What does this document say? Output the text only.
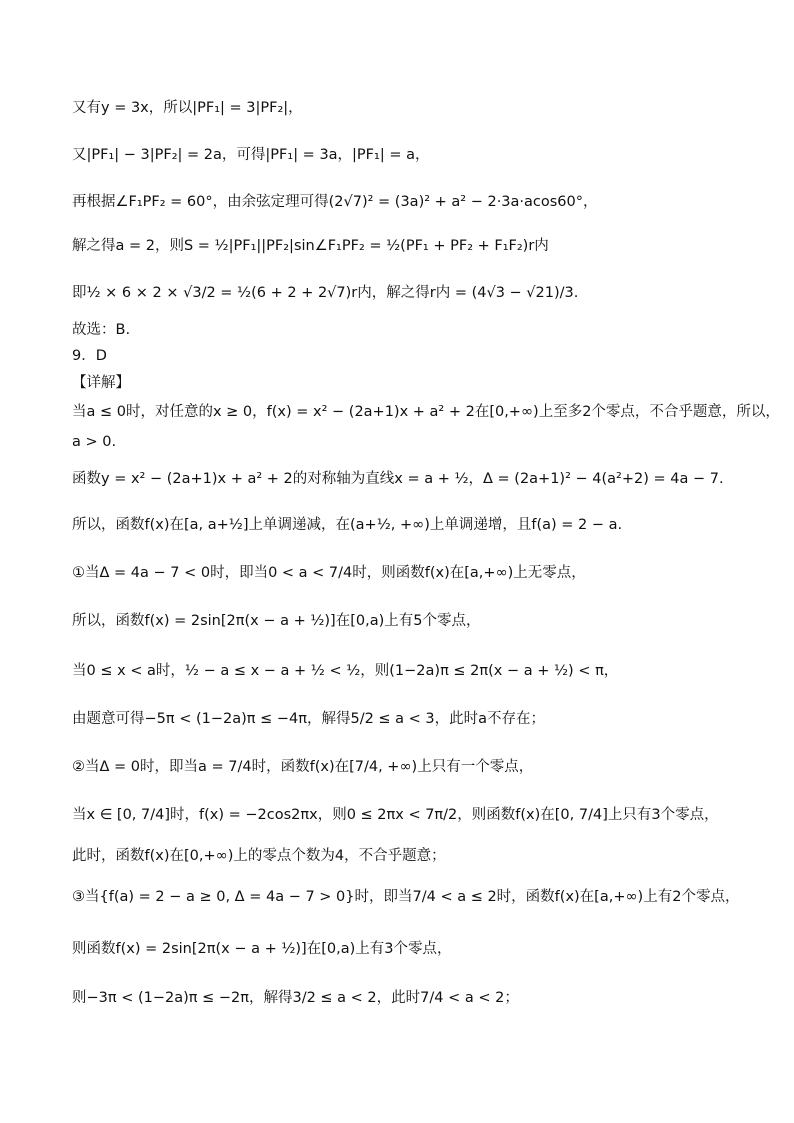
又有y = 3x，所以|PF₁| = 3|PF₂|，
又|PF₁| − 3|PF₂| = 2a，可得|PF₁| = 3a，|PF₁| = a，
再根据∠F₁PF₂ = 60°，由余弦定理可得(2√7)² = (3a)² + a² − 2·3a·acos60°，
解之得a = 2，则S = ½|PF₁||PF₂|sin∠F₁PF₂ = ½(PF₁ + PF₂ + F₁F₂)r内
即½ × 6 × 2 × √3/2 = ½(6 + 2 + 2√7)r内，解之得r内 = (4√3 − √21)/3.
故选：B.
9．D
【详解】
当a ≤ 0时，对任意的x ≥ 0，f(x) = x² − (2a+1)x + a² + 2在[0,+∞)上至多2个零点，不合乎题意，所以，
a > 0.
函数y = x² − (2a+1)x + a² + 2的对称轴为直线x = a + ½，Δ = (2a+1)² − 4(a²+2) = 4a − 7.
所以，函数f(x)在[a, a+½]上单调递减，在(a+½, +∞)上单调递增，且f(a) = 2 − a.
①当Δ = 4a − 7 < 0时，即当0 < a < 7/4时，则函数f(x)在[a,+∞)上无零点，
所以，函数f(x) = 2sin[2π(x − a + ½)]在[0,a)上有5个零点，
当0 ≤ x < a时，½ − a ≤ x − a + ½ < ½，则(1−2a)π ≤ 2π(x − a + ½) < π，
由题意可得−5π < (1−2a)π ≤ −4π，解得5/2 ≤ a < 3，此时a不存在；
②当Δ = 0时，即当a = 7/4时，函数f(x)在[7/4, +∞)上只有一个零点，
当x ∈ [0, 7/4]时，f(x) = −2cos2πx，则0 ≤ 2πx < 7π/2，则函数f(x)在[0, 7/4]上只有3个零点，
此时，函数f(x)在[0,+∞)上的零点个数为4，不合乎题意；
③当{f(a) = 2 − a ≥ 0, Δ = 4a − 7 > 0}时，即当7/4 < a ≤ 2时，函数f(x)在[a,+∞)上有2个零点，
则函数f(x) = 2sin[2π(x − a + ½)]在[0,a)上有3个零点，
则−3π < (1−2a)π ≤ −2π，解得3/2 ≤ a < 2，此时7/4 < a < 2；
